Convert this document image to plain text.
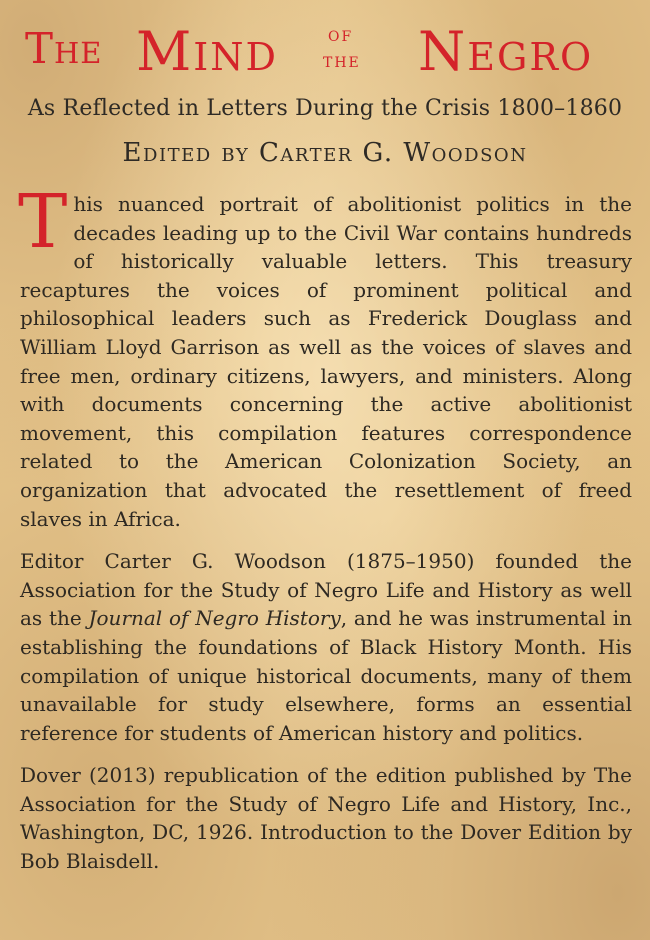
The Mind of
the Negro
As Reflected in Letters During the Crisis 1800–1860
Edited by Carter G. Woodson

This nuanced portrait of abolitionist politics in the decades leading up to the Civil War contains hundreds of historically valuable letters. This treasury recaptures the voices of prominent political and philosophical leaders such as Frederick Douglass and William Lloyd Garrison as well as the voices of slaves and free men, ordinary citizens, lawyers, and ministers. Along with documents concerning the active abolitionist movement, this compilation features correspondence related to the American Colonization Society, an organization that advocated the resettlement of freed slaves in Africa.

Editor Carter G. Woodson (1875–1950) founded the Association for the Study of Negro Life and History as well as the Journal of Negro History, and he was instrumental in establishing the foundations of Black History Month. His compilation of unique historical documents, many of them unavailable for study elsewhere, forms an essential reference for students of American history and politics.

Dover (2013) republication of the edition published by The Association for the Study of Negro Life and History, Inc., Washington, DC, 1926. Introduction to the Dover Edition by Bob Blaisdell.
